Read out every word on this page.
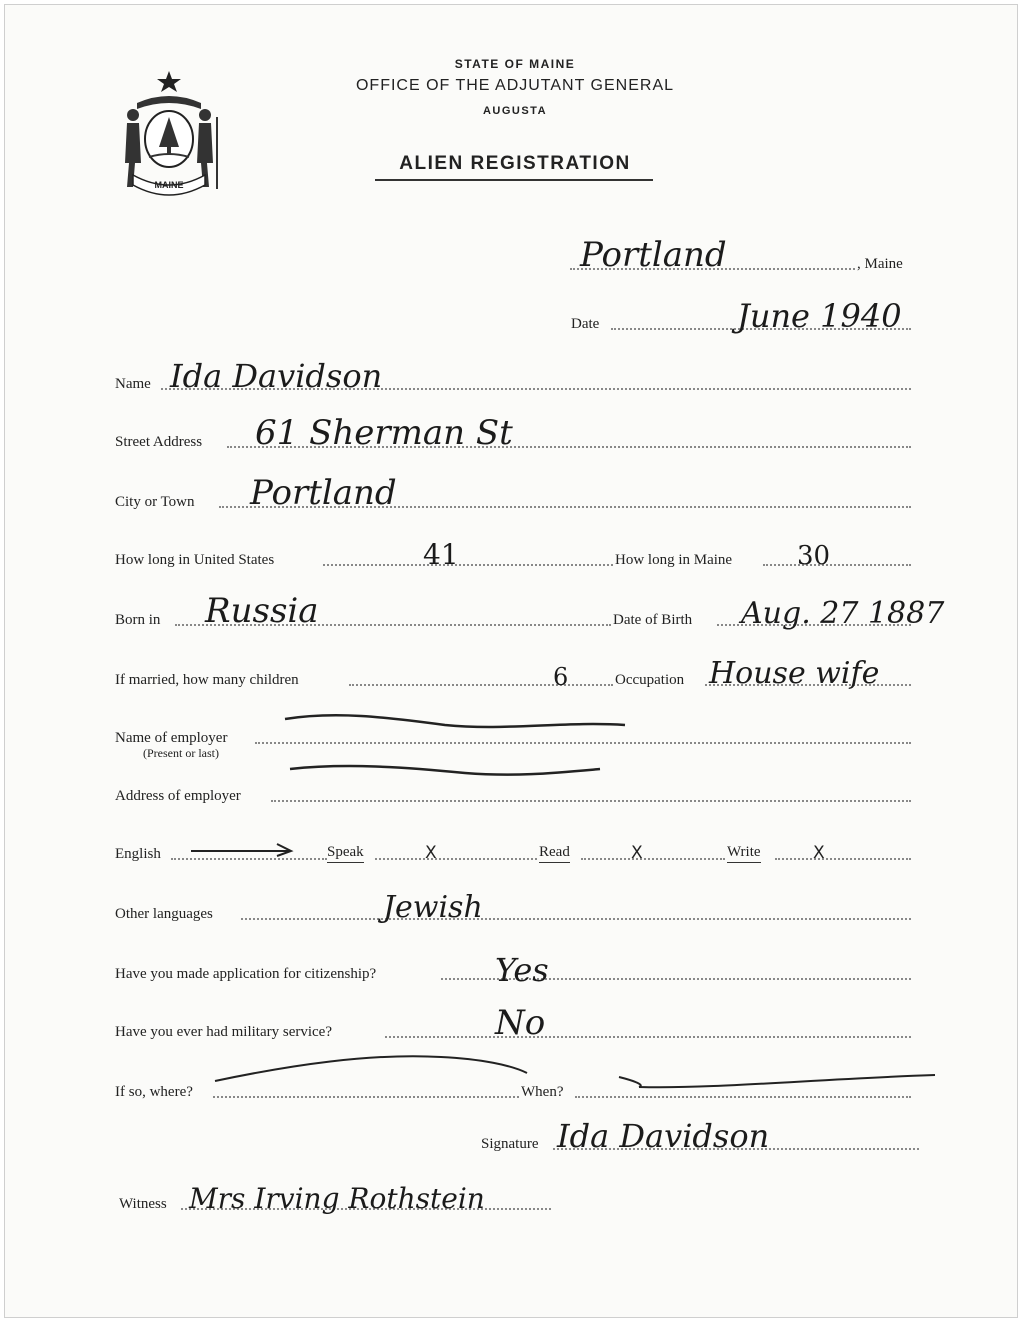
MAINE
STATE OF MAINE
OFFICE OF THE ADJUTANT GENERAL
AUGUSTA
ALIEN REGISTRATION
Portland	, Maine
Date	June 1940
Name Ida Davidson
Street Address 61 Sherman St
City or Town Portland
How long in United States	41	How long in Maine 30
Born in Russia	Date of Birth Aug. 27 1887
If married, how many children	6	Occupation House wife
Name of employer
(Present or last)
Address of employer
English	Speak	X	Read	X	Write	X
Other languages	Jewish
Have you made application for citizenship?	Yes
Have you ever had military service?	No
If so, where?	When?
Signature Ida Davidson
Witness Mrs Irving Rothstein
